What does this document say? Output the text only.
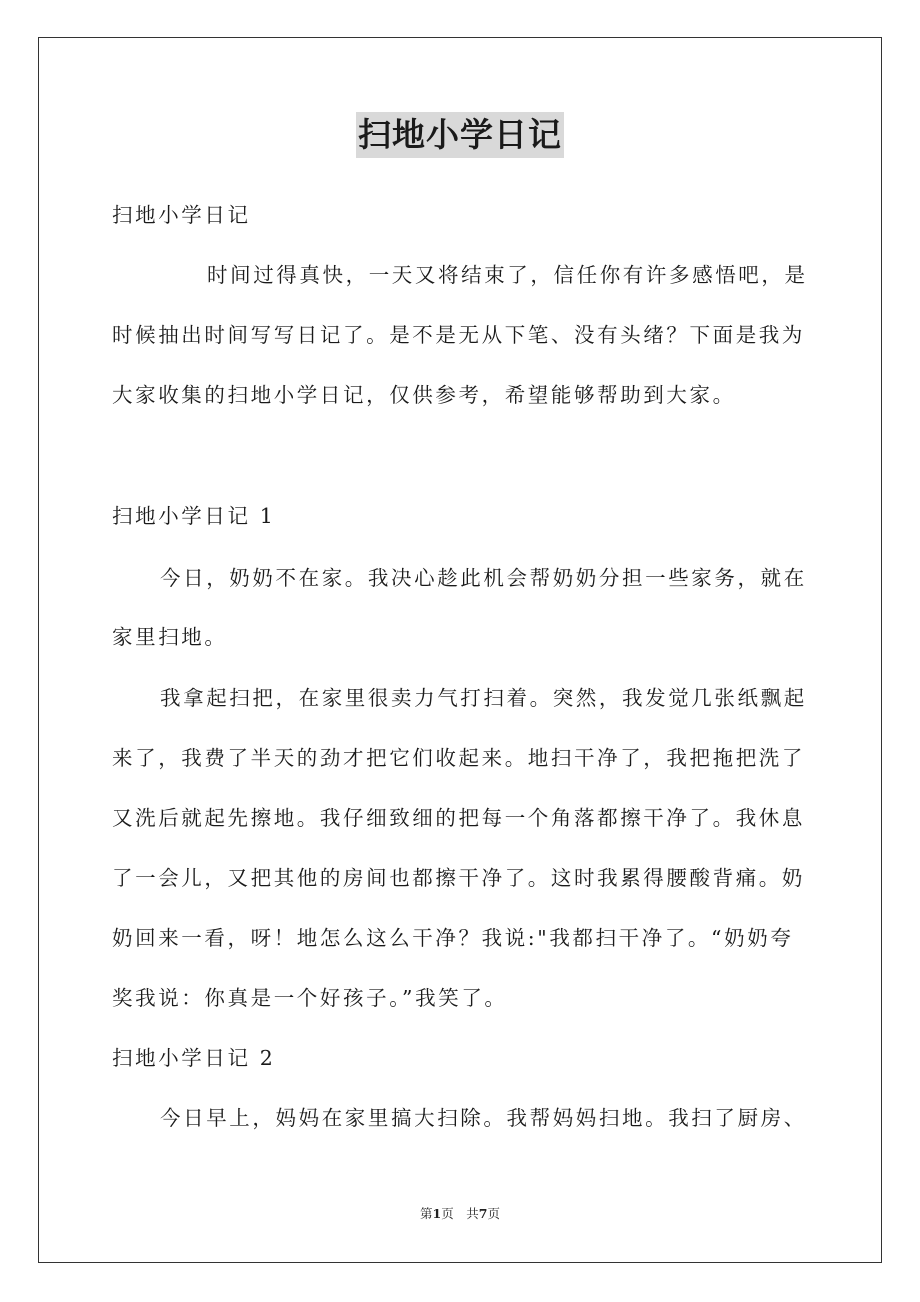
扫地小学日记
扫地小学日记
时间过得真快，一天又将结束了，信任你有许多感悟吧，是
时候抽出时间写写日记了。是不是无从下笔、没有头绪？下面是我为
大家收集的扫地小学日记，仅供参考，希望能够帮助到大家。
扫地小学日记 1
今日，奶奶不在家。我决心趁此机会帮奶奶分担一些家务，就在
家里扫地。
我拿起扫把，在家里很卖力气打扫着。突然，我发觉几张纸飘起
来了，我费了半天的劲才把它们收起来。地扫干净了，我把拖把洗了
又洗后就起先擦地。我仔细致细的把每一个角落都擦干净了。我休息
了一会儿，又把其他的房间也都擦干净了。这时我累得腰酸背痛。奶
奶回来一看，呀！地怎么这么干净？我说:"我都扫干净了。“奶奶夸
奖我说：你真是一个好孩子。”我笑了。
扫地小学日记 2
今日早上，妈妈在家里搞大扫除。我帮妈妈扫地。我扫了厨房、
第1页　共7页
